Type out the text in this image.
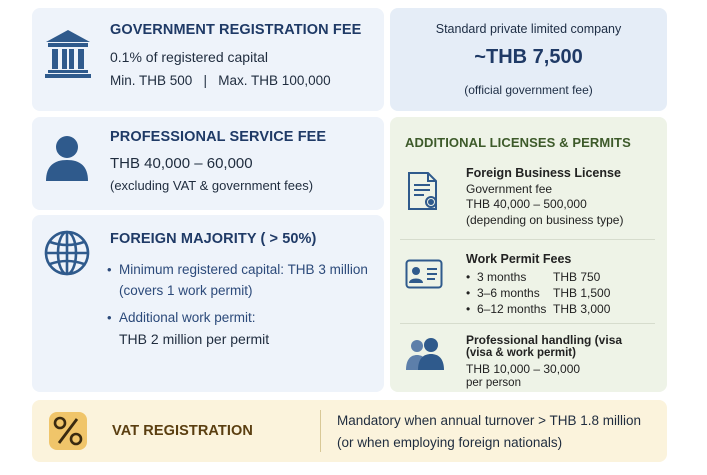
GOVERNMENT REGISTRATION FEE
0.1% of registered capital
Min. THB 500   |   Max. THB 100,000
Standard private limited company
~THB 7,500
(official government fee)
PROFESSIONAL SERVICE FEE
THB 40,000 – 60,000
(excluding VAT & government fees)
FOREIGN MAJORITY ( > 50%)
• Minimum registered capital: THB 3 million
(covers 1 work permit)
• Additional work permit:
THB 2 million per permit
ADDITIONAL LICENSES & PERMITS
Foreign Business License
Government fee
THB 40,000 – 500,000
(depending on business type)
Work Permit Fees
• 3 months THB 750
• 3–6 months THB 1,500
• 6–12 months THB 3,000
Professional handling (visa
(visa & work permit)
THB 10,000 – 30,000
per person
VAT REGISTRATION
Mandatory when annual turnover > THB 1.8 million
(or when employing foreign nationals)
